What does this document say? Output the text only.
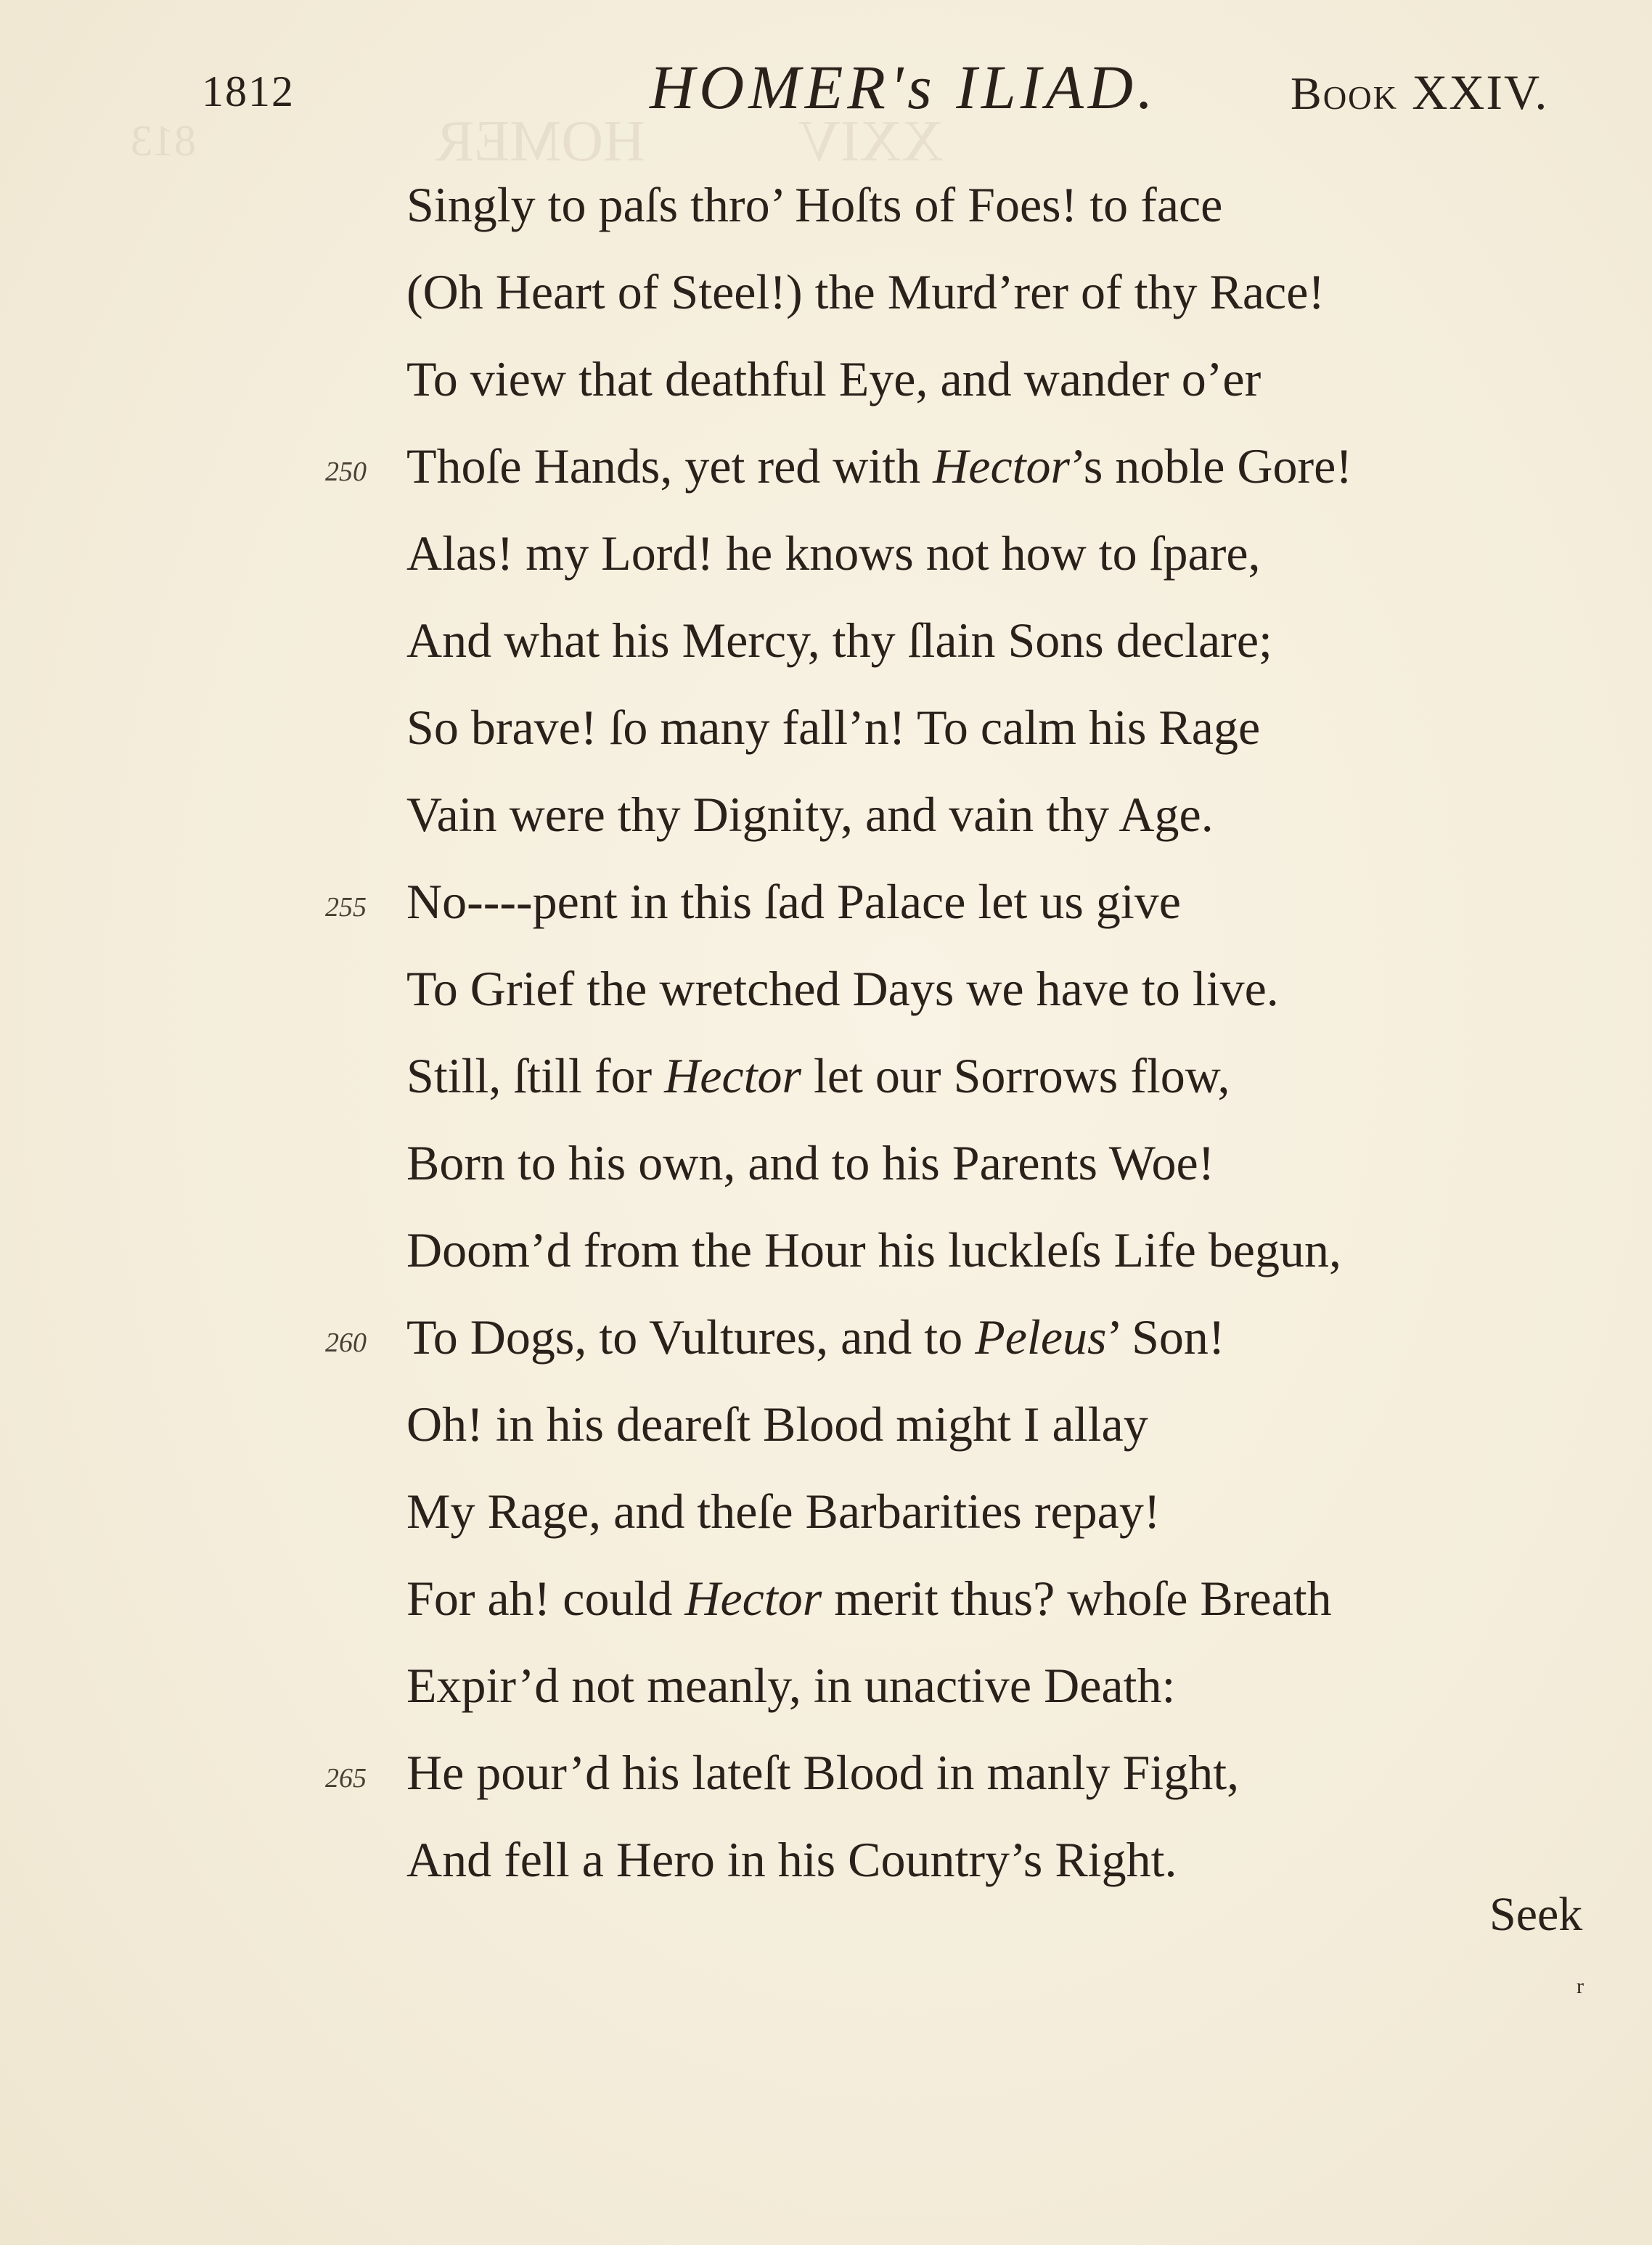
XXIV
HOMER
813
1812	HOMER's ILIAD.	Book XXIV.
Singly to paſs thro’ Hoſts of Foes! to face
(Oh Heart of Steel!) the Murd’rer of thy Race!
To view that deathful Eye, and wander o’er
250 Thoſe Hands, yet red with Hector’s noble Gore!
Alas! my Lord! he knows not how to ſpare,
And what his Mercy, thy ſlain Sons declare;
So brave! ſo many fall’n! To calm his Rage
Vain were thy Dignity, and vain thy Age.
255 No----pent in this ſad Palace let us give
To Grief the wretched Days we have to live.
Still, ſtill for Hector let our Sorrows flow,
Born to his own, and to his Parents Woe!
Doom’d from the Hour his luckleſs Life begun,
260 To Dogs, to Vultures, and to Peleus’ Son!
Oh! in his deareſt Blood might I allay
My Rage, and theſe Barbarities repay!
For ah! could Hector merit thus? whoſe Breath
Expir’d not meanly, in unactive Death:
265 He pour’d his lateſt Blood in manly Fight,
And fell a Hero in his Country’s Right.
Seek
r
